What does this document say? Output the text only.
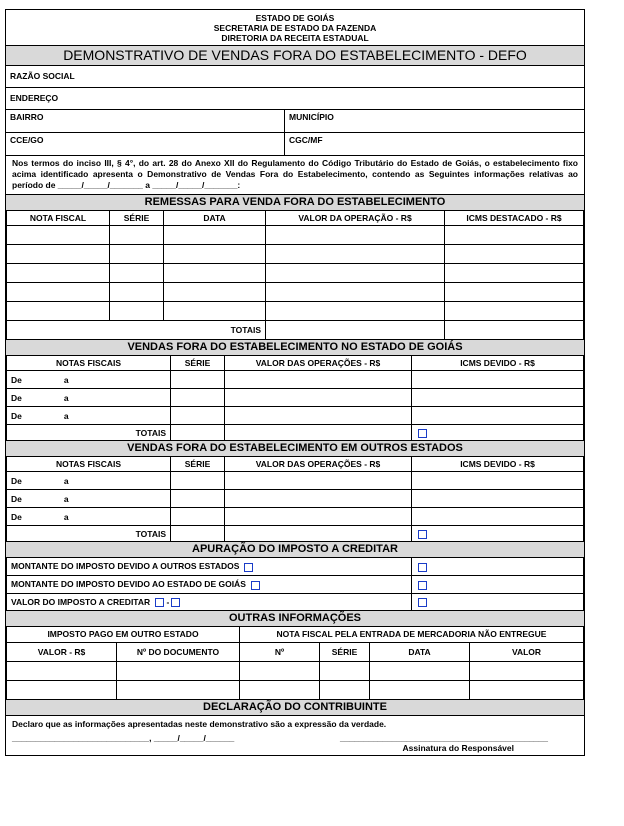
ESTADO DE GOIÁS
SECRETARIA DE ESTADO DA FAZENDA
DIRETORIA DA RECEITA ESTADUAL
DEMONSTRATIVO DE VENDAS FORA DO ESTABELECIMENTO - DEFO
RAZÃO SOCIAL
ENDEREÇO
BAIRRO	MUNICÍPIO
CCE/GO	CGC/MF
Nos termos do inciso III, § 4°, do art. 28 do Anexo XII do Regulamento do Código Tributário do Estado de Goiás, o estabelecimento fixo acima identificado apresenta o Demonstrativo de Vendas Fora do Estabelecimento, contendo as Seguintes informações relativas ao período de _____/_____/_______ a _____/_____/_______:
REMESSAS PARA VENDA FORA DO ESTABELECIMENTO
NOTA FISCAL	SÉRIE	DATA	VALOR DA OPERAÇÃO - R$	ICMS DESTACADO - R$

TOTAIS				
VENDAS FORA DO ESTABELECIMENTO NO ESTADO DE GOIÁS
NOTAS FISCAIS	SÉRIE	VALOR DAS OPERAÇÕES - R$	ICMS DEVIDO - R$
De a			
De a			
De a			
TOTAIS			
VENDAS FORA DO ESTABELECIMENTO EM OUTROS ESTADOS
NOTAS FISCAIS	SÉRIE	VALOR DAS OPERAÇÕES - R$	ICMS DEVIDO - R$
De a			
De a			
De a			
TOTAIS			
APURAÇÃO DO IMPOSTO A CREDITAR
MONTANTE DO IMPOSTO DEVIDO A OUTROS ESTADOS	
MONTANTE DO IMPOSTO DEVIDO AO ESTADO DE GOIÁS	
VALOR DO IMPOSTO A CREDITAR -	
OUTRAS INFORMAÇÕES
IMPOSTO PAGO EM OUTRO ESTADO		NOTA FISCAL PELA ENTRADA DE MERCADORIA NÃO ENTREGUE			
VALOR - R$	Nº DO DOCUMENTO	Nº	SÉRIE	DATA	VALOR

DECLARAÇÃO DO CONTRIBUINTE
Declaro que as informações apresentadas neste demonstrativo são a expressão da verdade.
_____________________________, _____/_____/______	____________________________________________
Assinatura do Responsável
